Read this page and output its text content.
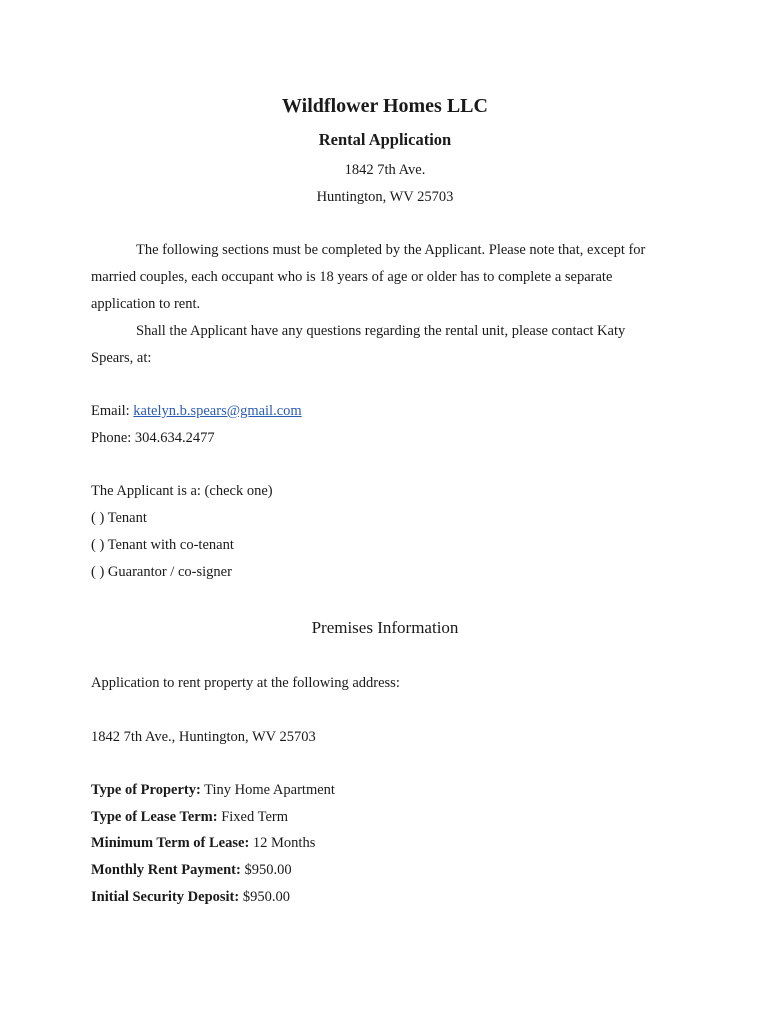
Wildflower Homes LLC
Rental Application
1842 7th Ave.
Huntington, WV 25703
The following sections must be completed by the Applicant. Please note that, except for
married couples, each occupant who is 18 years of age or older has to complete a separate
application to rent.
Shall the Applicant have any questions regarding the rental unit, please contact Katy
Spears, at:
Email: katelyn.b.spears@gmail.com
Phone: 304.634.2477
The Applicant is a: (check one)
( ) Tenant
( ) Tenant with co-tenant
( ) Guarantor / co-signer
Premises Information
Application to rent property at the following address:
1842 7th Ave., Huntington, WV 25703
Type of Property: Tiny Home Apartment
Type of Lease Term: Fixed Term
Minimum Term of Lease: 12 Months
Monthly Rent Payment: $950.00
Initial Security Deposit: $950.00
